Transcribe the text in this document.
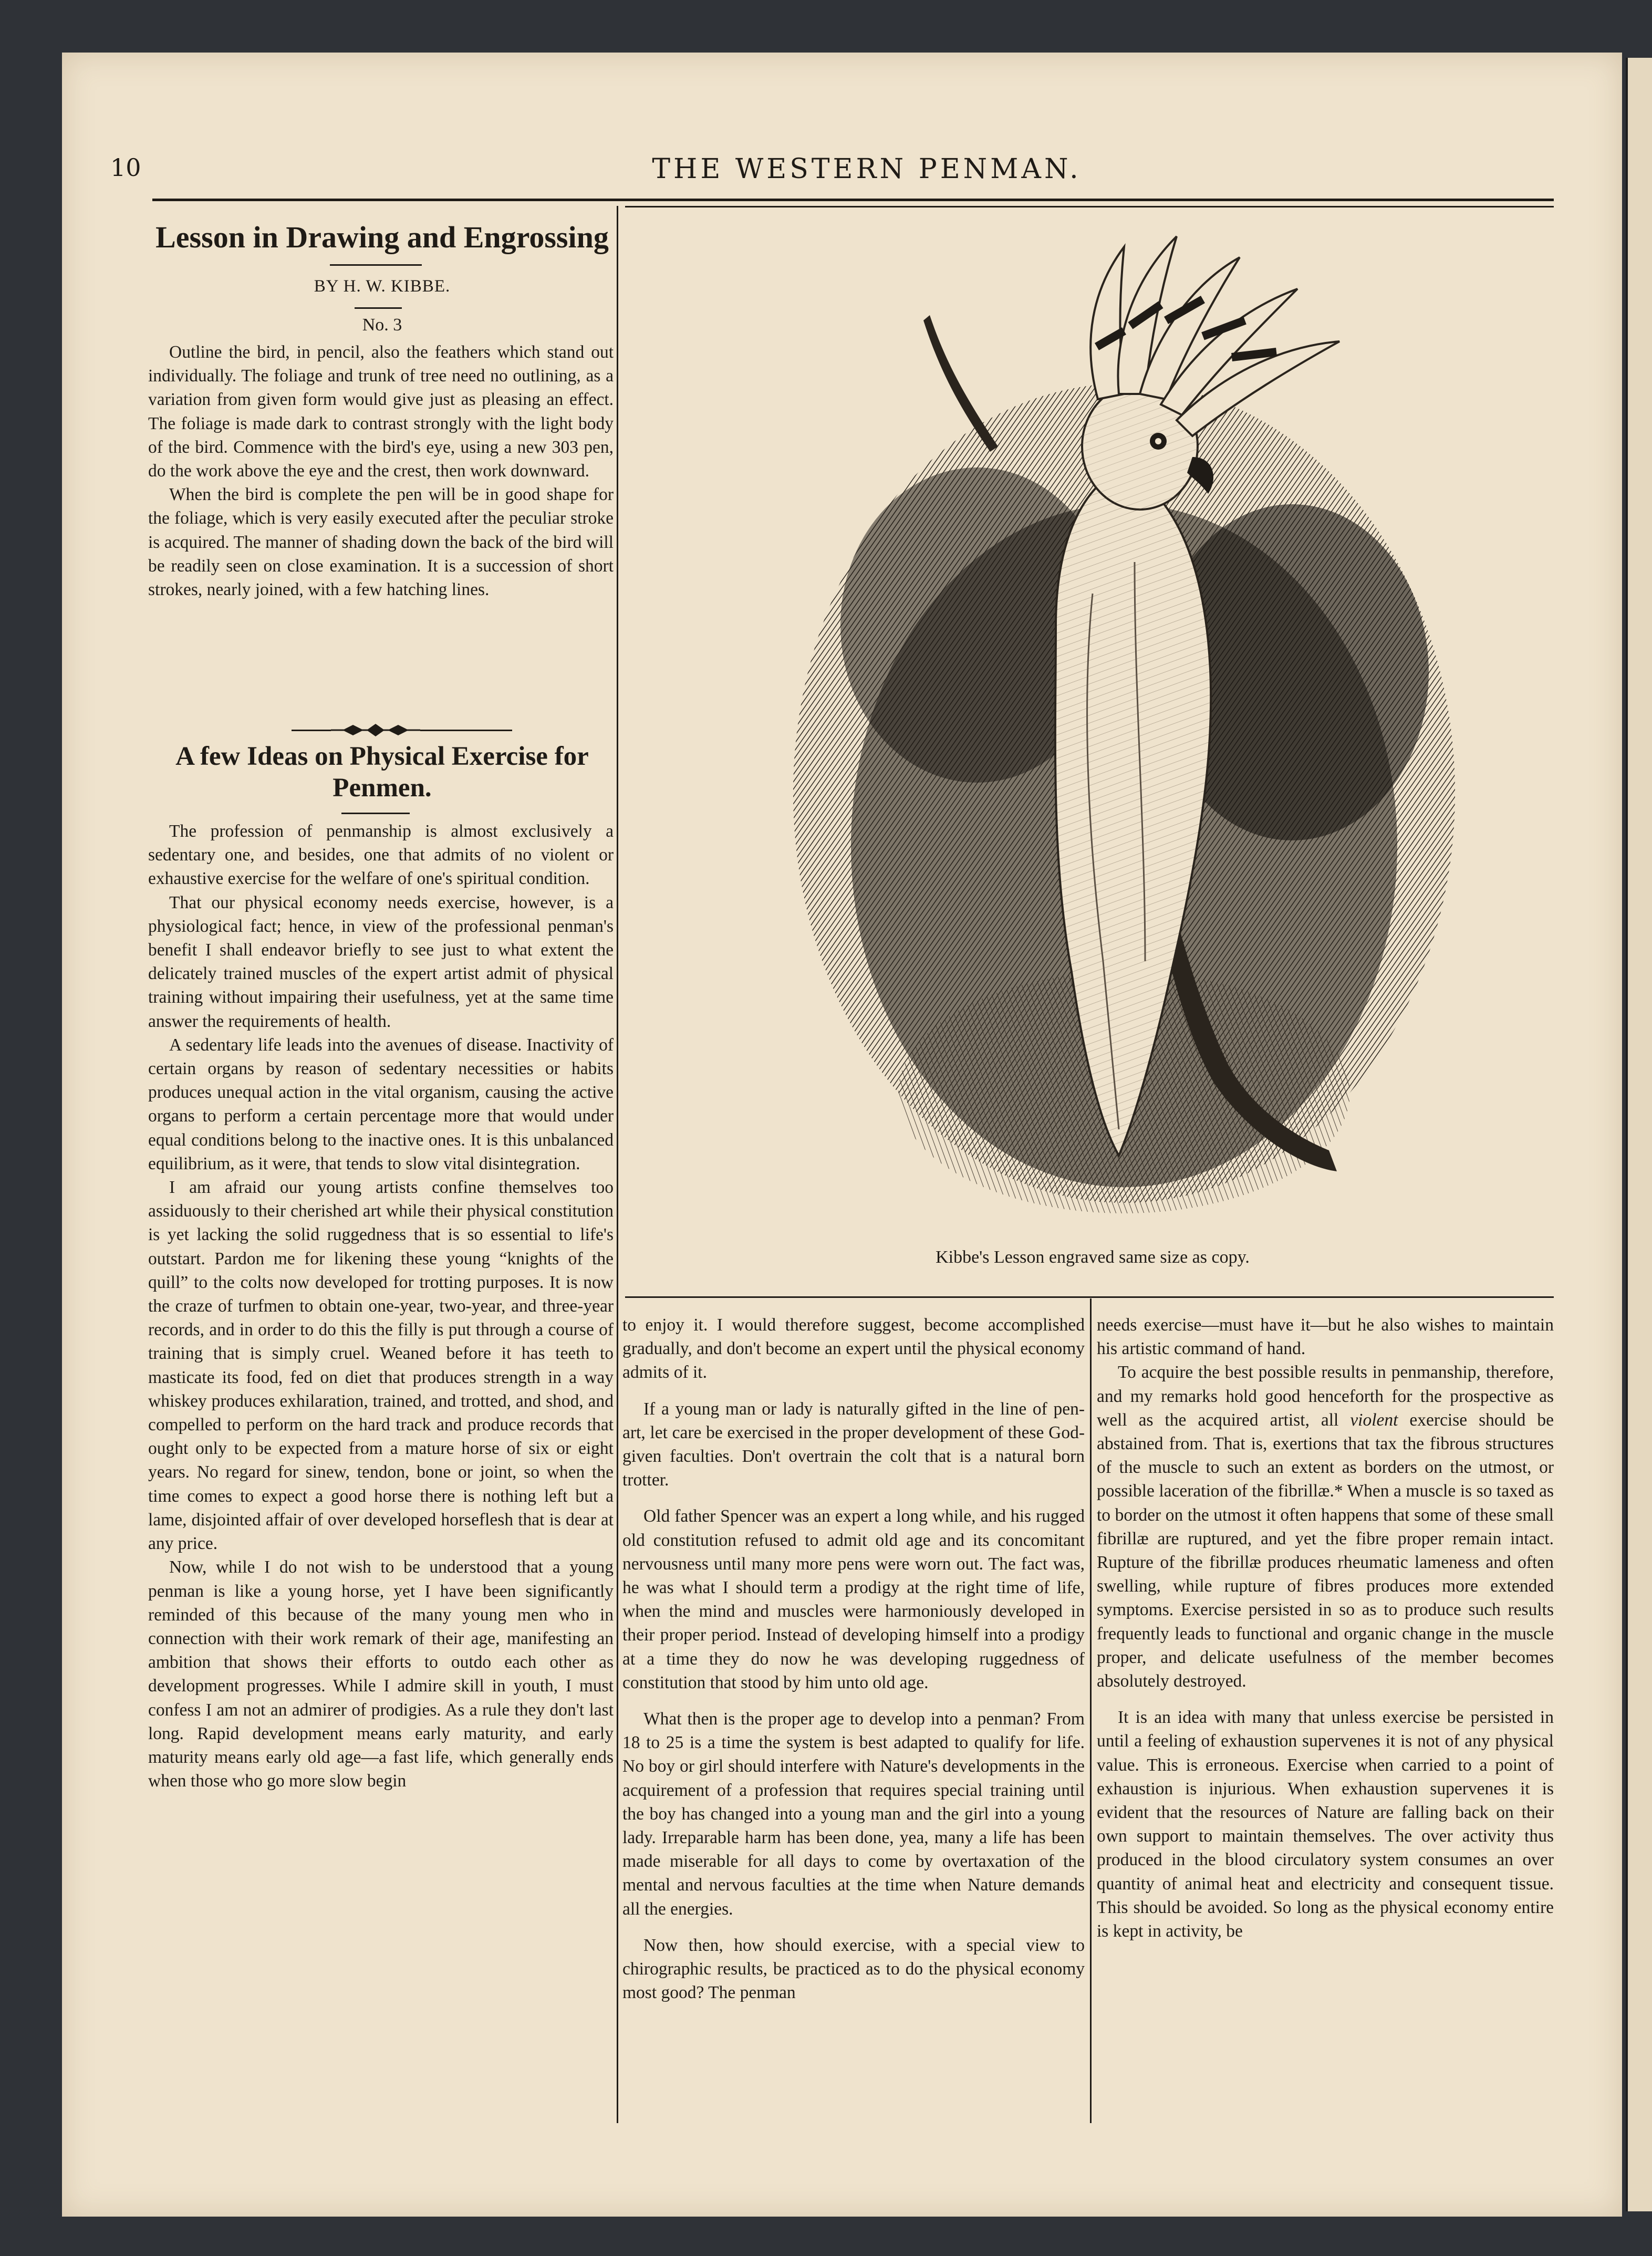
10	THE WESTERN PENMAN.
Lesson in Drawing and Engrossing
BY H. W. KIBBE.
No. 3

Outline the bird, in pencil, also the feathers which stand out individually. The foliage and trunk of tree need no outlining, as a variation from given form would give just as pleasing an effect. The foliage is made dark to contrast strongly with the light body of the bird. Commence with the bird's eye, using a new 303 pen, do the work above the eye and the crest, then work downward.

When the bird is complete the pen will be in good shape for the foliage, which is very easily executed after the peculiar stroke is acquired. The manner of shading down the back of the bird will be readily seen on close examination. It is a succession of short strokes, nearly joined, with a few hatching lines.

A few Ideas on Physical Exercise for Penmen.

The profession of penmanship is almost exclusively a sedentary one, and besides, one that admits of no violent or exhaustive exercise for the welfare of one's spiritual condition.

That our physical economy needs exercise, however, is a physiological fact; hence, in view of the professional penman's benefit I shall endeavor briefly to see just to what extent the delicately trained muscles of the expert artist admit of physical training without impairing their usefulness, yet at the same time answer the requirements of health.

A sedentary life leads into the avenues of disease. Inactivity of certain organs by reason of sedentary necessities or habits produces unequal action in the vital organism, causing the active organs to perform a certain percentage more that would under equal conditions belong to the inactive ones. It is this unbalanced equilibrium, as it were, that tends to slow vital disintegration.

I am afraid our young artists confine themselves too assiduously to their cherished art while their physical constitution is yet lacking the solid ruggedness that is so essential to life's outstart. Pardon me for likening these young “knights of the quill” to the colts now developed for trotting purposes. It is now the craze of turfmen to obtain one-year, two-year, and three-year records, and in order to do this the filly is put through a course of training that is simply cruel. Weaned before it has teeth to masticate its food, fed on diet that produces strength in a way whiskey produces exhilaration, trained, and trotted, and shod, and compelled to perform on the hard track and produce records that ought only to be expected from a mature horse of six or eight years. No regard for sinew, tendon, bone or joint, so when the time comes to expect a good horse there is nothing left but a lame, disjointed affair of over developed horseflesh that is dear at any price.

Now, while I do not wish to be understood that a young penman is like a young horse, yet I have been significantly reminded of this because of the many young men who in connection with their work remark of their age, manifesting an ambition that shows their efforts to outdo each other as development progresses. While I admire skill in youth, I must confess I am not an admirer of prodigies. As a rule they don't last long. Rapid development means early maturity, and early maturity means early old age—a fast life, which generally ends when those who go more slow begin

Kibbe's Lesson engraved same size as copy.

to enjoy it. I would therefore suggest, become accomplished gradually, and don't become an expert until the physical economy admits of it.

If a young man or lady is naturally gifted in the line of pen-art, let care be exercised in the proper development of these God-given faculties. Don't overtrain the colt that is a natural born trotter.

Old father Spencer was an expert a long while, and his rugged old constitution refused to admit old age and its concomitant nervousness until many more pens were worn out. The fact was, he was what I should term a prodigy at the right time of life, when the mind and muscles were harmoniously developed in their proper period. Instead of developing himself into a prodigy at a time they do now he was developing ruggedness of constitution that stood by him unto old age.

What then is the proper age to develop into a penman? From 18 to 25 is a time the system is best adapted to qualify for life. No boy or girl should interfere with Nature's developments in the acquirement of a profession that requires special training until the boy has changed into a young man and the girl into a young lady. Irreparable harm has been done, yea, many a life has been made miserable for all days to come by overtaxation of the mental and nervous faculties at the time when Nature demands all the energies.

Now then, how should exercise, with a special view to chirographic results, be practiced as to do the physical economy most good? The penman

needs exercise—must have it—but he also wishes to maintain his artistic command of hand.

To acquire the best possible results in penmanship, therefore, and my remarks hold good henceforth for the prospective as well as the acquired artist, all violent exercise should be abstained from. That is, exertions that tax the fibrous structures of the muscle to such an extent as borders on the utmost, or possible laceration of the fibrillæ.* When a muscle is so taxed as to border on the utmost it often happens that some of these small fibrillæ are ruptured, and yet the fibre proper remain intact. Rupture of the fibrillæ produces rheumatic lameness and often swelling, while rupture of fibres produces more extended symptoms. Exercise persisted in so as to produce such results frequently leads to functional and organic change in the muscle proper, and delicate usefulness of the member becomes absolutely destroyed.

It is an idea with many that unless exercise be persisted in until a feeling of exhaustion supervenes it is not of any physical value. This is erroneous. Exercise when carried to a point of exhaustion is injurious. When exhaustion supervenes it is evident that the resources of Nature are falling back on their own support to maintain themselves. The over activity thus produced in the blood circulatory system consumes an over quantity of animal heat and electricity and consequent tissue. This should be avoided. So long as the physical economy entire is kept in activity, be
